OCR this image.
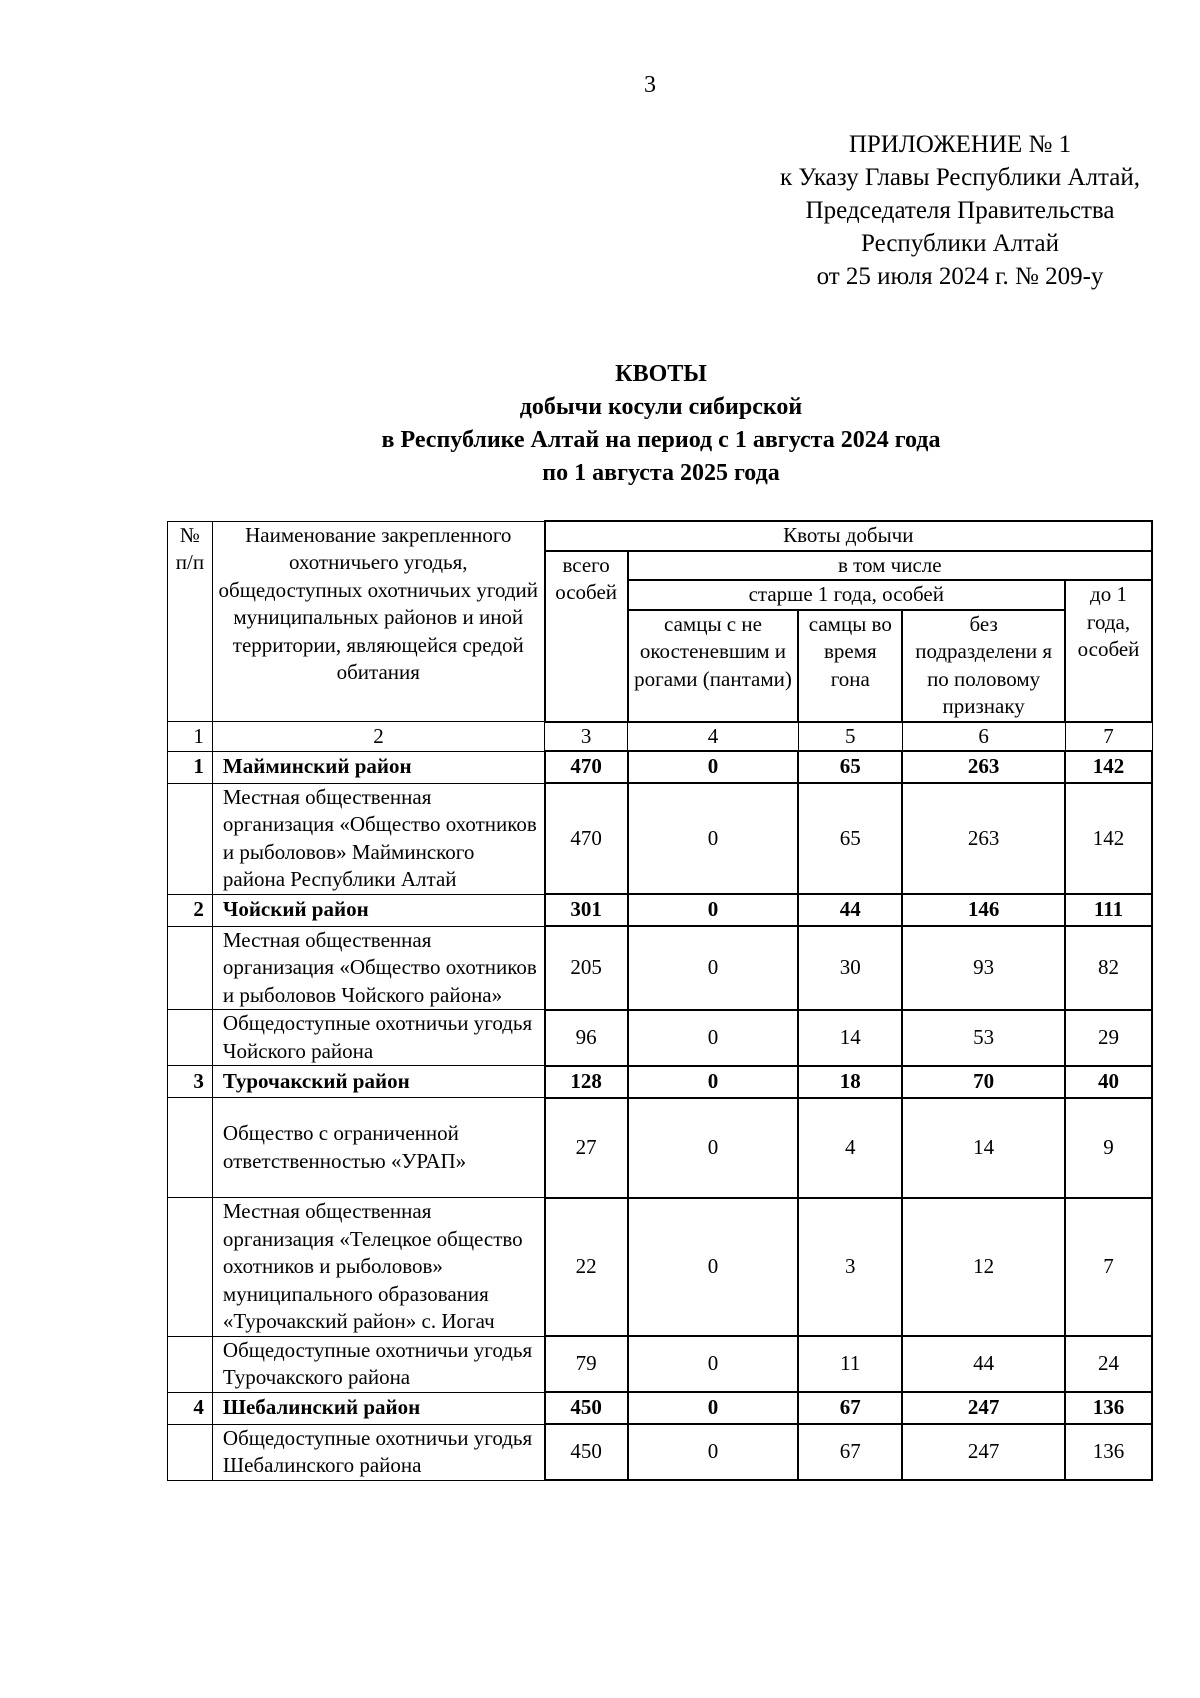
3
ПРИЛОЖЕНИЕ № 1
к Указу Главы Республики Алтай,
Председателя Правительства
Республики Алтай
от 25 июля 2024 г. № 209-у
КВОТЫ
добычи косули сибирской
в Республике Алтай на период с 1 августа 2024 года
по 1 августа 2025 года
№ п/п	Наименование закрепленного охотничьего угодья, общедоступных охотничьих угодий муниципальных районов и иной территории, являющейся средой обитания	Квоты добычи				
		всего особей	в том числе			
			старше 1 года, особей			до 1 года, особей
			самцы с не окостеневшим и рогами (пантами)	самцы во время гона	без подразделени я по половому признаку	
1	2	3	4	5	6	7
1	Майминский район	470	0	65	263	142
	Местная общественная организация «Общество охотников и рыболовов» Майминского района Республики Алтай	470	0	65	263	142
2	Чойский район	301	0	44	146	111
	Местная общественная организация «Общество охотников и рыболовов Чойского района»	205	0	30	93	82
	Общедоступные охотничьи угодья Чойского района	96	0	14	53	29
3	Турочакский район	128	0	18	70	40
	Общество с ограниченной ответственностью «УРАП»	27	0	4	14	9
	Местная общественная организация «Телецкое общество охотников и рыболовов» муниципального образования «Турочакский район» с. Иогач	22	0	3	12	7
	Общедоступные охотничьи угодья Турочакского района	79	0	11	44	24
4	Шебалинский район	450	0	67	247	136
	Общедоступные охотничьи угодья Шебалинского района	450	0	67	247	136
